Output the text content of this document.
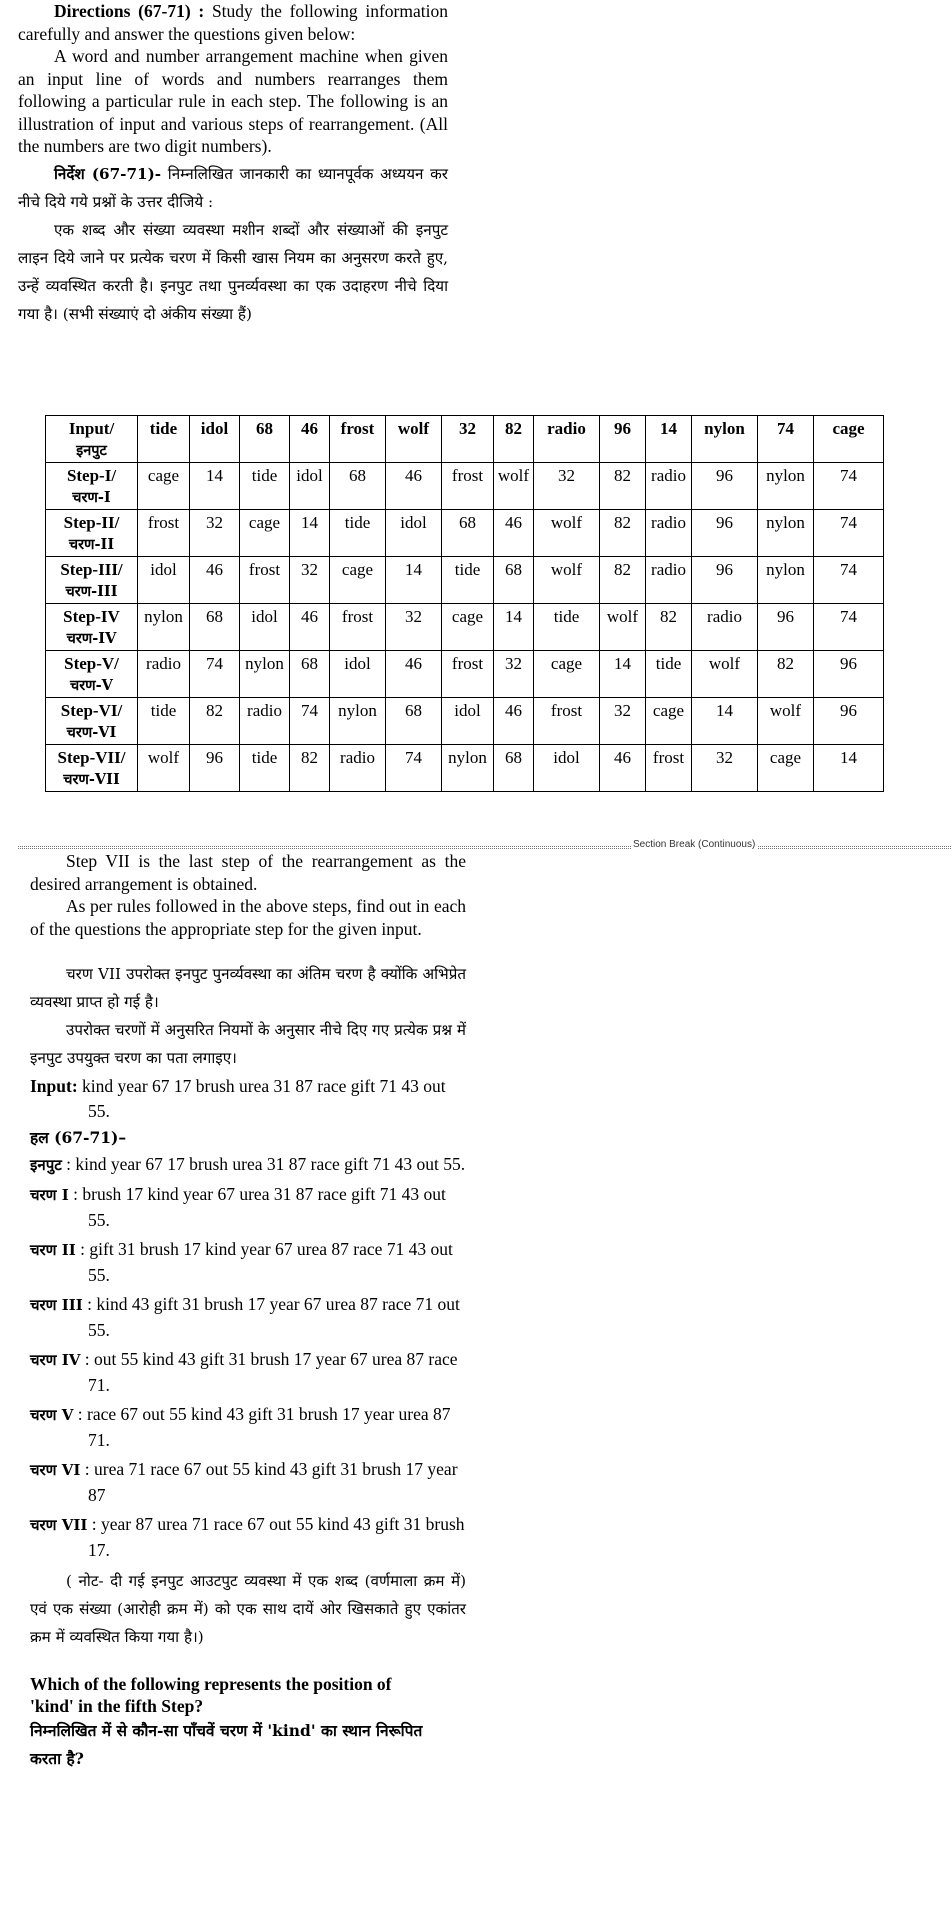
Directions (67-71) : Study the following information carefully and answer the questions given below:

A word and number arrangement machine when given an input line of words and numbers rearranges them following a particular rule in each step. The following is an illustration of input and various steps of rearrangement. (All the numbers are two digit numbers).

निर्देश (67-71)- निम्नलिखित जानकारी का ध्यानपूर्वक अध्ययन कर नीचे दिये गये प्रश्नों के उत्तर दीजिये :

एक शब्द और संख्या व्यवस्था मशीन शब्दों और संख्याओं की इनपुट लाइन दिये जाने पर प्रत्येक चरण में किसी खास नियम का अनुसरण करते हुए, उन्हें व्यवस्थित करती है। इनपुट तथा पुनर्व्यवस्था का एक उदाहरण नीचे दिया गया है। (सभी संख्याएं दो अंकीय संख्या हैं)

Input/
इनपुट	tide	idol	68	46	frost	wolf	32	82	radio	96	14	nylon	74	cage
Step-I/
चरण-I	cage	14	tide	idol	68	46	frost	wolf	32	82	radio	96	nylon	74
Step-II/
चरण-II	frost	32	cage	14	tide	idol	68	46	wolf	82	radio	96	nylon	74
Step-III/
चरण-III	idol	46	frost	32	cage	14	tide	68	wolf	82	radio	96	nylon	74
Step-IV
चरण-IV	nylon	68	idol	46	frost	32	cage	14	tide	wolf	82	radio	96	74
Step-V/
चरण-V	radio	74	nylon	68	idol	46	frost	32	cage	14	tide	wolf	82	96
Step-VI/
चरण-VI	tide	82	radio	74	nylon	68	idol	46	frost	32	cage	14	wolf	96
Step-VII/
चरण-VII	wolf	96	tide	82	radio	74	nylon	68	idol	46	frost	32	cage	14
Section Break (Continuous)

Step VII is the last step of the rearrangement as the desired arrangement is obtained.

As per rules followed in the above steps, find out in each of the questions the appropriate step for the given input.

चरण VII उपरोक्त इनपुट पुनर्व्यवस्था का अंतिम चरण है क्योंकि अभिप्रेत व्यवस्था प्राप्त हो गई है।

उपरोक्त चरणों में अनुसरित नियमों के अनुसार नीचे दिए गए प्रत्येक प्रश्न में इनपुट उपयुक्त चरण का पता लगाइए।

Input: kind year 67 17 brush urea 31 87 race gift 71 43 out 55.

हल (67-71)–

इनपुट : kind year 67 17 brush urea 31 87 race gift 71 43 out 55.
चरण I : brush 17 kind year 67 urea 31 87 race gift 71 43 out 55.
चरण II : gift 31 brush 17 kind year 67 urea 87 race 71 43 out 55.
चरण III : kind 43 gift 31 brush 17 year 67 urea 87 race 71 out 55.
चरण IV : out 55 kind 43 gift 31 brush 17 year 67 urea 87 race 71.
चरण V : race 67 out 55 kind 43 gift 31 brush 17 year urea 87 71.
चरण VI : urea 71 race 67 out 55 kind 43 gift 31 brush 17 year 87
चरण VII : year 87 urea 71 race 67 out 55 kind 43 gift 31 brush 17.

( नोट- दी गई इनपुट आउटपुट व्यवस्था में एक शब्द (वर्णमाला क्रम में) एवं एक संख्या (आरोही क्रम में) को एक साथ दायें ओर खिसकाते हुए एकांतर क्रम में व्यवस्थित किया गया है।)

Which of the following represents the position of 'kind' in the fifth Step?

निम्नलिखित में से कौन-सा पाँचवें चरण में 'kind' का स्थान निरूपित करता है?
